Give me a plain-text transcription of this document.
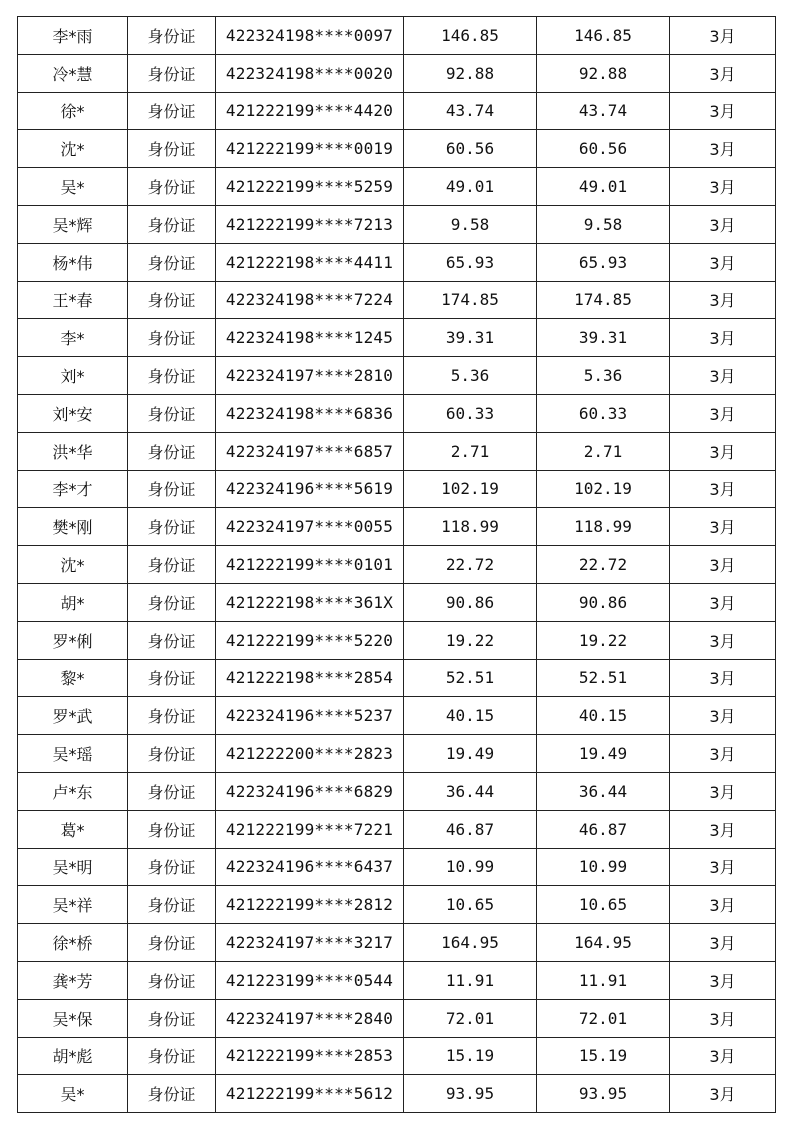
李*雨	身份证	422324198****0097	146.85	146.85	3月
冷*慧	身份证	422324198****0020	92.88	92.88	3月
徐*	身份证	421222199****4420	43.74	43.74	3月
沈*	身份证	421222199****0019	60.56	60.56	3月
吴*	身份证	421222199****5259	49.01	49.01	3月
吴*辉	身份证	421222199****7213	9.58	9.58	3月
杨*伟	身份证	421222198****4411	65.93	65.93	3月
王*春	身份证	422324198****7224	174.85	174.85	3月
李*	身份证	422324198****1245	39.31	39.31	3月
刘*	身份证	422324197****2810	5.36	5.36	3月
刘*安	身份证	422324198****6836	60.33	60.33	3月
洪*华	身份证	422324197****6857	2.71	2.71	3月
李*才	身份证	422324196****5619	102.19	102.19	3月
樊*刚	身份证	422324197****0055	118.99	118.99	3月
沈*	身份证	421222199****0101	22.72	22.72	3月
胡*	身份证	421222198****361X	90.86	90.86	3月
罗*俐	身份证	421222199****5220	19.22	19.22	3月
黎*	身份证	421222198****2854	52.51	52.51	3月
罗*武	身份证	422324196****5237	40.15	40.15	3月
吴*瑶	身份证	421222200****2823	19.49	19.49	3月
卢*东	身份证	422324196****6829	36.44	36.44	3月
葛*	身份证	421222199****7221	46.87	46.87	3月
吴*明	身份证	422324196****6437	10.99	10.99	3月
吴*祥	身份证	421222199****2812	10.65	10.65	3月
徐*桥	身份证	422324197****3217	164.95	164.95	3月
龚*芳	身份证	421223199****0544	11.91	11.91	3月
吴*保	身份证	422324197****2840	72.01	72.01	3月
胡*彪	身份证	421222199****2853	15.19	15.19	3月
吴*	身份证	421222199****5612	93.95	93.95	3月
